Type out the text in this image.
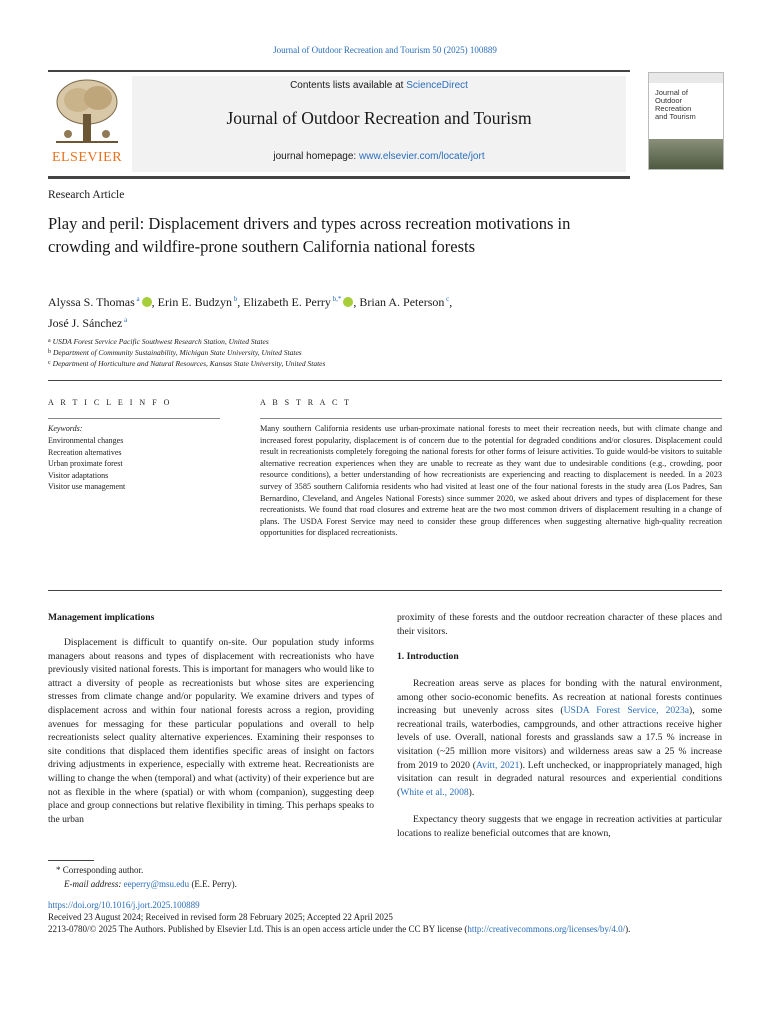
Journal of Outdoor Recreation and Tourism 50 (2025) 100889
ELSEVIER
Contents lists available at ScienceDirect
Journal of Outdoor Recreation and Tourism
journal homepage: www.elsevier.com/locate/jort
Journal of
Outdoor
Recreation
and Tourism
Research Article
Play and peril: Displacement drivers and types across recreation motivations in crowding and wildfire-prone southern California national forests
Alyssa S. Thomas $^a$ , Erin E. Budzyn $^b$, Elizabeth E. Perry $^{b,*}$ , Brian A. Peterson $^c$,
José J. Sánchez $^a$
$^a$ USDA Forest Service Pacific Southwest Research Station, United States
$^b$ Department of Community Sustainability, Michigan State University, United States
$^c$ Department of Horticulture and Natural Resources, Kansas State University, United States
A R T I C L E I N F O
Keywords:
Environmental changes
Recreation alternatives
Urban proximate forest
Visitor adaptations
Visitor use management
A B S T R A C T
Many southern California residents use urban-proximate national forests to meet their recreation needs, but with climate change and increased forest popularity, displacement is of concern due to the potential for degraded conditions and/or closures. Displacement could result in recreationists completely foregoing the national forests for other forms of leisure activities. To guide would-be visitors to suitable alternative recreation experiences when they are unable to recreate as they want due to undesirable conditions (e.g., crowding, poor resource conditions), a better understanding of how recreationists are experiencing and reacting to displacement is needed. In a 2023 survey of 3585 southern California residents who had visited at least one of the four national forests in the study area (Los Padres, San Bernardino, Cleveland, and Angeles National Forests) since summer 2020, we asked about drivers and types of displacement for these recreationists. We found that road closures and extreme heat are the two most common drivers of displacement resulting in a change of plans. The USDA Forest Service may need to consider these group differences when suggesting alternative high-quality recreation opportunities for displaced recreationists.
Management implications
Displacement is difficult to quantify on-site. Our population study informs managers about reasons and types of displacement with recreationists who have previously visited national forests. This is important for managers who would like to attract a diversity of people as recreationists but whose sites are experiencing stresses from climate change and/or popularity. We examine drivers and types of displacement across and within four national forests across a region, providing avenues for messaging for these particular populations and overall to help recreationists select quality alternative experiences. Examining their responses to site conditions that displaced them identifies specific areas of insight on factors driving adjustments in experience, especially with extreme heat. Recreationists are willing to change the when (temporal) and what (activity) of their experience but are not as flexible in the where (spatial) or with whom (companion), suggesting deep place and group connections but relative flexibility in timing. This perhaps speaks to the urban
proximity of these forests and the outdoor recreation character of these places and their visitors.
1. Introduction
Recreation areas serve as places for bonding with the natural environment, among other socio-economic benefits. As recreation at national forests continues increasing but unevenly across sites (USDA Forest Service, 2023a), some recreational trails, waterbodies, campgrounds, and other attractions receive higher levels of use. Overall, national forests and grasslands saw a 17.5 % increase in visitation (~25 million more visitors) and wilderness areas saw a 25 % increase from 2019 to 2020 (Avitt, 2021). Left unchecked, or inappropriately managed, high visitation can result in degraded natural resources and experiential conditions (White et al., 2008).
Expectancy theory suggests that we engage in recreation activities at particular locations to realize beneficial outcomes that are known,
* Corresponding author.
E-mail address: eeperry@msu.edu (E.E. Perry).
https://doi.org/10.1016/j.jort.2025.100889
Received 23 August 2024; Received in revised form 28 February 2025; Accepted 22 April 2025
2213-0780/© 2025 The Authors. Published by Elsevier Ltd. This is an open access article under the CC BY license (http://creativecommons.org/licenses/by/4.0/).
